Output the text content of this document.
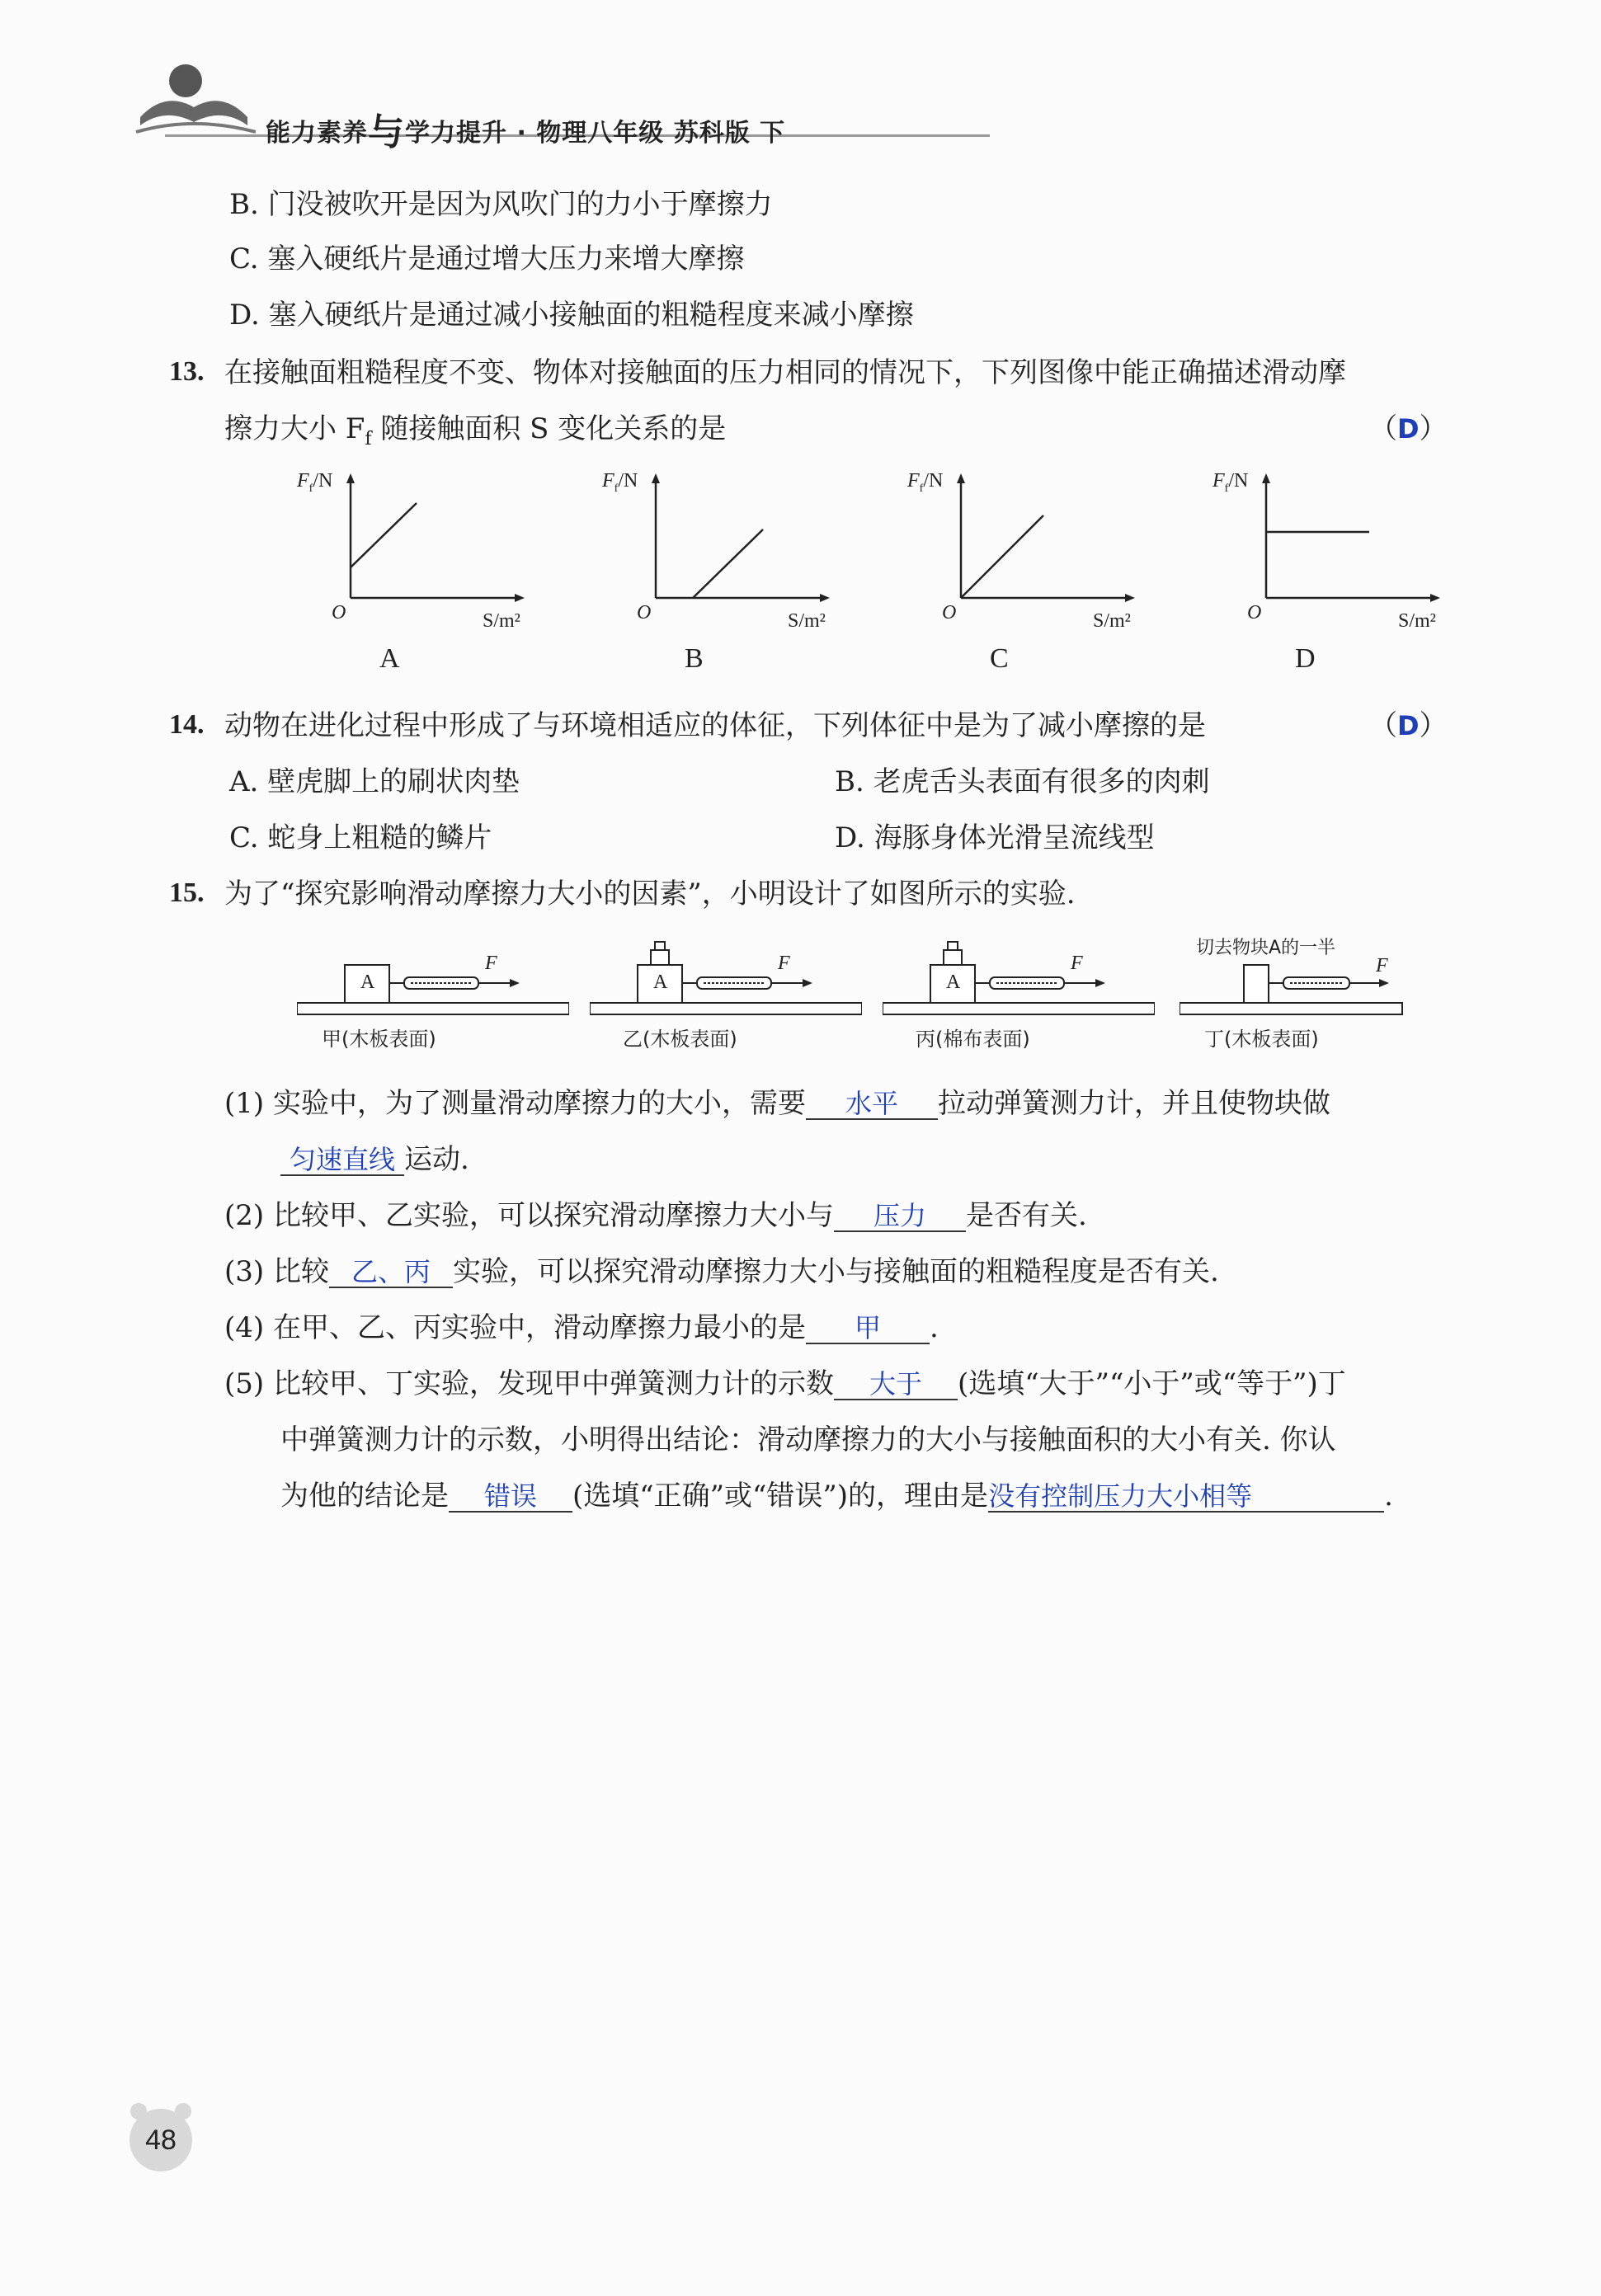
能力素养与学力提升 · 物理八年级 苏科版 下
B. 门没被吹开是因为风吹门的力小于摩擦力
C. 塞入硬纸片是通过增大压力来增大摩擦
D. 塞入硬纸片是通过减小接触面的粗糙程度来减小摩擦
13. 在接触面粗糙程度不变、物体对接触面的压力相同的情况下，下列图像中能正确描述滑动摩
擦力大小 $F_f$ 随接触面积 S 变化关系的是	（D）
$F_f/N$
O	S/m²
A
$F_f/N$
O	S/m²
B
$F_f/N$
O	S/m²
C
$F_f/N$
O	S/m²
D
14. 动物在进化过程中形成了与环境相适应的体征，下列体征中是为了减小摩擦的是	（D）
A. 壁虎脚上的刷状肉垫	B. 老虎舌头表面有很多的肉刺
C. 蛇身上粗糙的鳞片	D. 海豚身体光滑呈流线型
15. 为了“探究影响滑动摩擦力大小的因素”，小明设计了如图所示的实验.
A
F
甲(木板表面)
A
F
乙(木板表面)
A
F
丙(棉布表面)
切去物块A的一半
F
丁(木板表面)
(1) 实验中，为了测量滑动摩擦力的大小，需要 水平 拉动弹簧测力计，并且使物块做
匀速直线 运动.
(2) 比较甲、乙实验，可以探究滑动摩擦力大小与 压力 是否有关.
(3) 比较 乙、丙 实验，可以探究滑动摩擦力大小与接触面的粗糙程度是否有关.
(4) 在甲、乙、丙实验中，滑动摩擦力最小的是 甲 .
(5) 比较甲、丁实验，发现甲中弹簧测力计的示数 大于 (选填“大于”“小于”或“等于”)丁
中弹簧测力计的示数，小明得出结论：滑动摩擦力的大小与接触面积的大小有关. 你认
为他的结论是 错误 (选填“正确”或“错误”)的，理由是没有控制压力大小相等	.
48
